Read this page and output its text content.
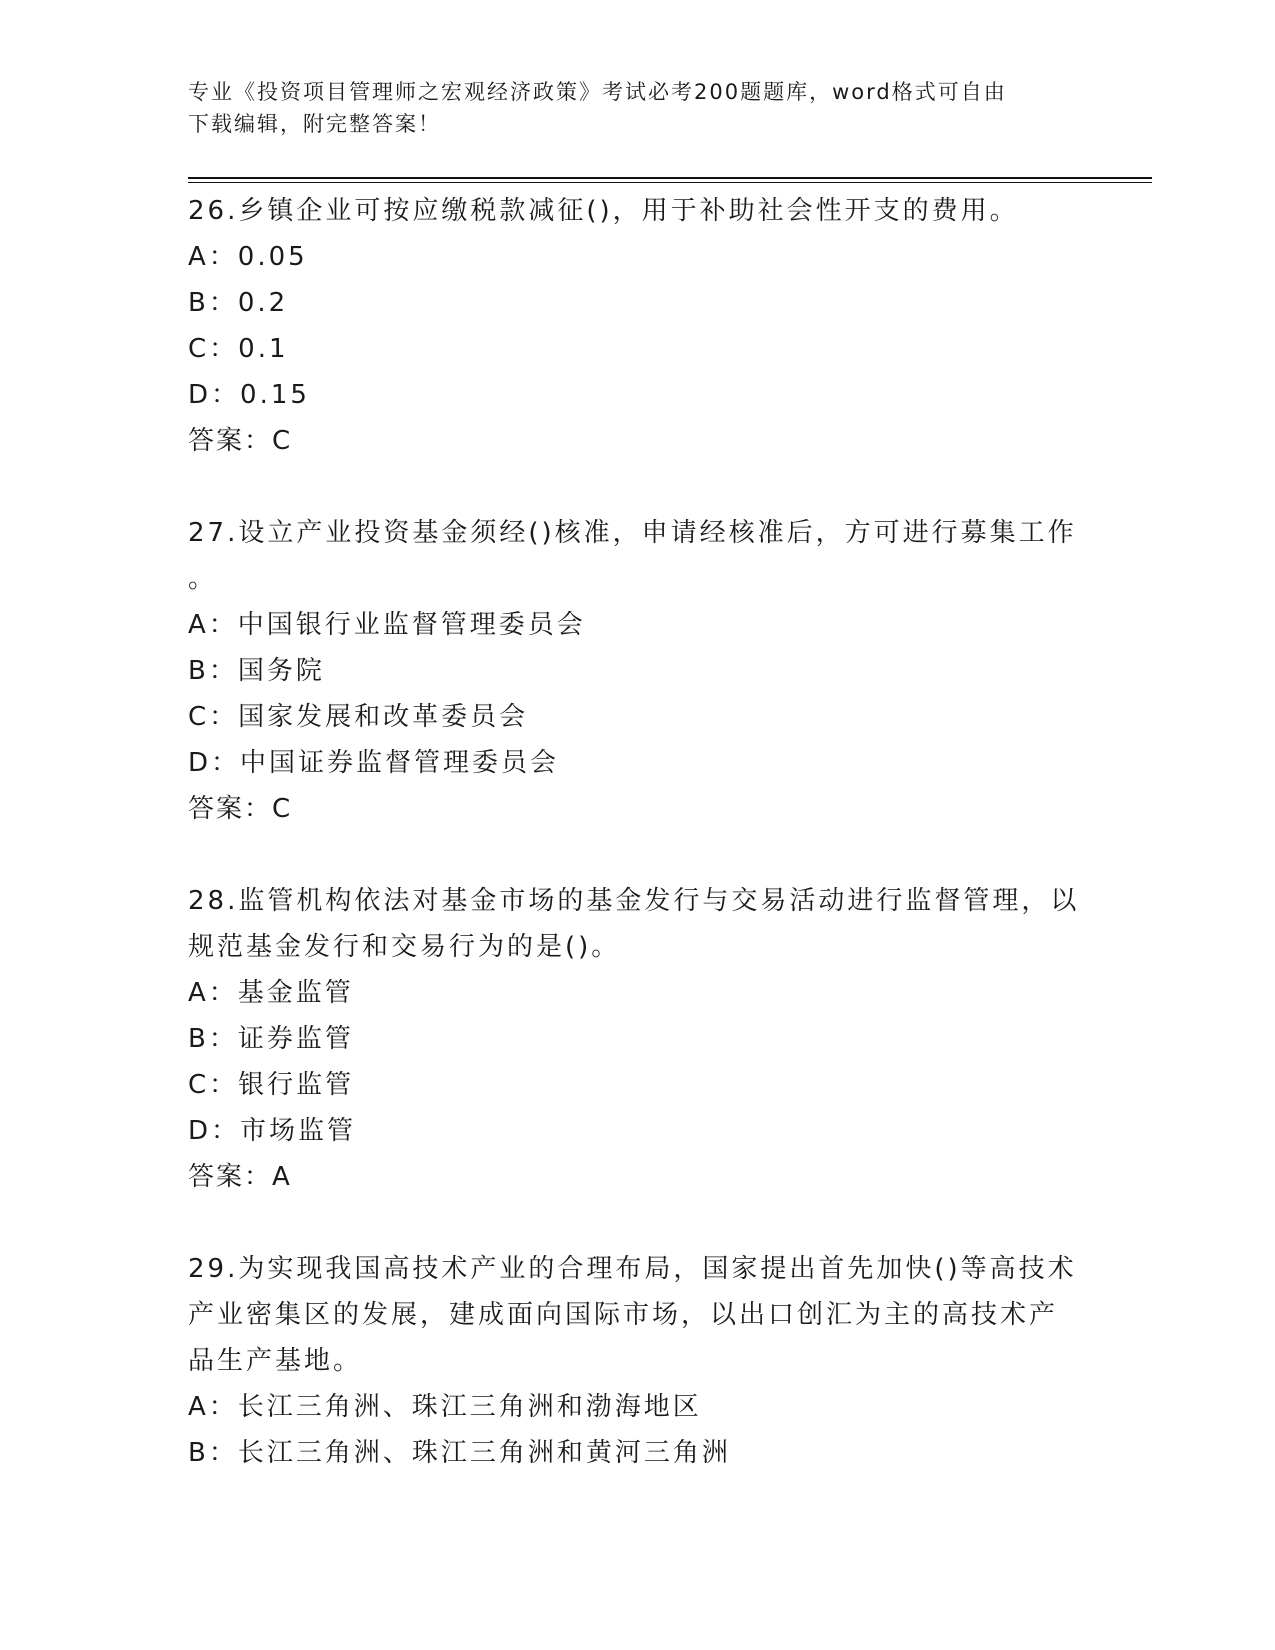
专业《投资项目管理师之宏观经济政策》考试必考200题题库，word格式可自由
下载编辑，附完整答案！
26.乡镇企业可按应缴税款减征()，用于补助社会性开支的费用。
A：0.05
B：0.2
C：0.1
D：0.15
答案：C
27.设立产业投资基金须经()核准，申请经核准后，方可进行募集工作
。
A：中国银行业监督管理委员会
B：国务院
C：国家发展和改革委员会
D：中国证券监督管理委员会
答案：C
28.监管机构依法对基金市场的基金发行与交易活动进行监督管理，以
规范基金发行和交易行为的是()。
A：基金监管
B：证券监管
C：银行监管
D：市场监管
答案：A
29.为实现我国高技术产业的合理布局，国家提出首先加快()等高技术
产业密集区的发展，建成面向国际市场，以出口创汇为主的高技术产
品生产基地。
A：长江三角洲、珠江三角洲和渤海地区
B：长江三角洲、珠江三角洲和黄河三角洲
